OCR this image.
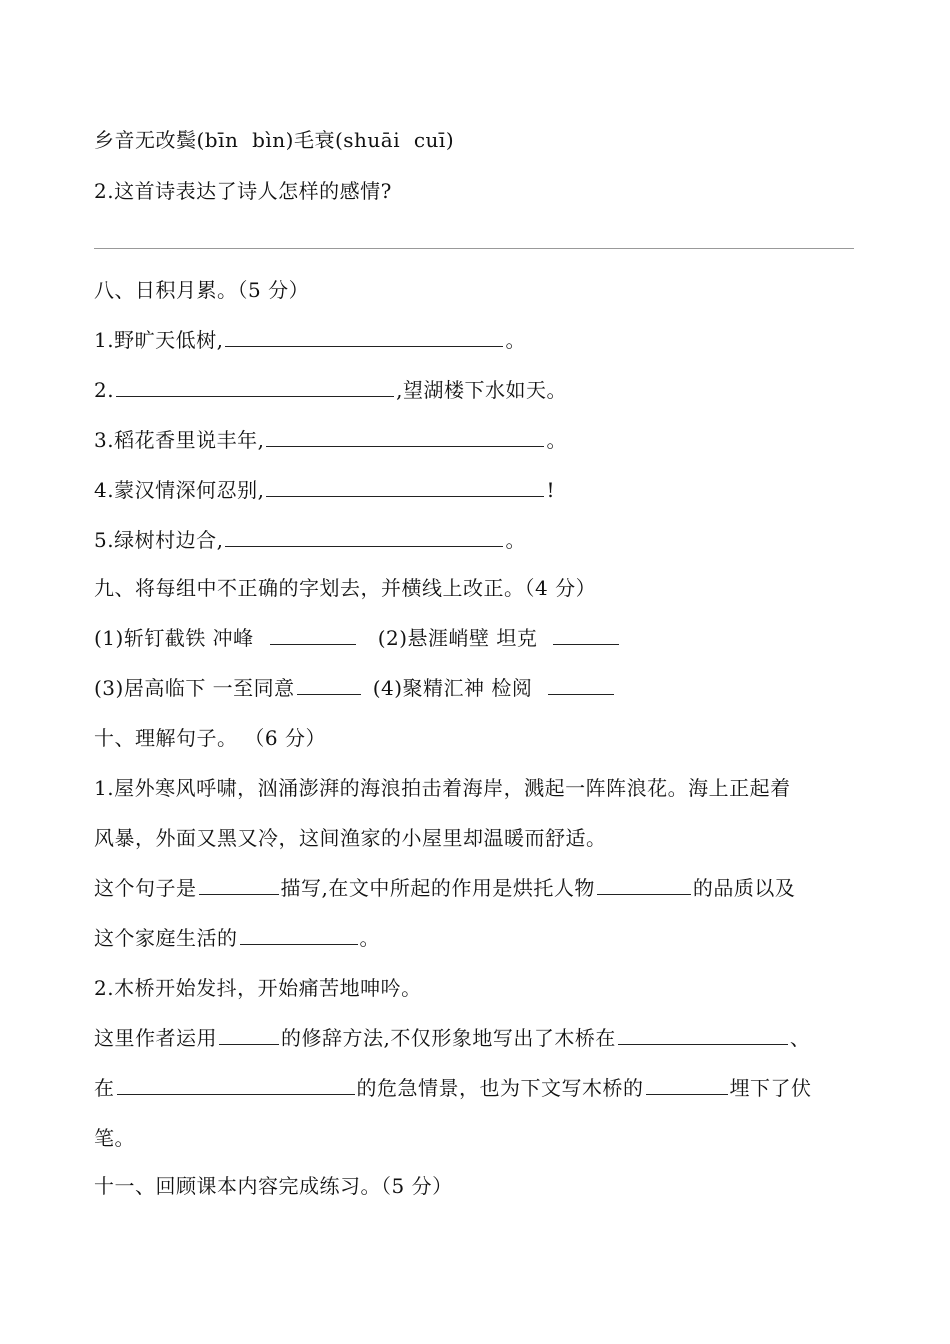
乡音无改鬓(bīn  bìn)毛衰(shuāi  cuī)
2.这首诗表达了诗人怎样的感情?
八、日积月累。（5 分）
1.野旷天低树,	。
2.	,望湖楼下水如天。
3.稻花香里说丰年,	。
4.蒙汉情深何忍别,	!
5.绿树村边合,	。
九、将每组中不正确的字划去，并横线上改正。（4 分）
(1)斩钉截铁 冲峰	(2)悬涯峭壁 坦克
(3)居高临下 一至同意	(4)聚精汇神 检阅
十、理解句子。 （6 分）
1.屋外寒风呼啸，汹涌澎湃的海浪拍击着海岸，溅起一阵阵浪花。海上正起着
风暴，外面又黑又冷，这间渔家的小屋里却温暖而舒适。
这个句子是	描写,在文中所起的作用是烘托人物	的品质以及
这个家庭生活的	。
2.木桥开始发抖，开始痛苦地呻吟。
这里作者运用	的修辞方法,不仅形象地写出了木桥在	、
在	的危急情景，也为下文写木桥的	埋下了伏
笔。
十一、回顾课本内容完成练习。（5 分）
